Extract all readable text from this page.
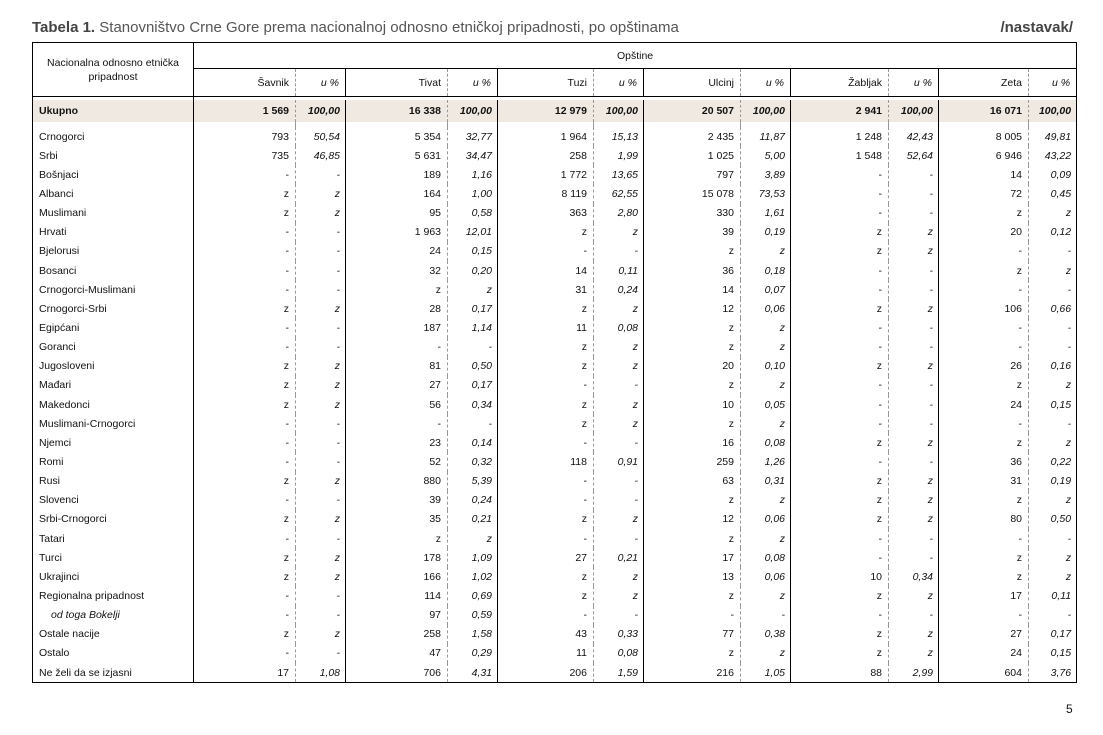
Tabela 1. Stanovništvo Crne Gore prema nacionalnoj odnosno etničkoj pripadnosti, po opštinama	/nastavak/
Nacionalna odnosno etnička pripadnost	Opštine											
	Šavnik	u %	Tivat	u %	Tuzi	u %	Ulcinj	u %	Žabljak	u %	Zeta	u %

Ukupno	1 569	100,00	16 338	100,00	12 979	100,00	20 507	100,00	2 941	100,00	16 071	100,00

Crnogorci	793	50,54	5 354	32,77	1 964	15,13	2 435	11,87	1 248	42,43	8 005	49,81
Srbi	735	46,85	5 631	34,47	258	1,99	1 025	5,00	1 548	52,64	6 946	43,22
Bošnjaci	-	-	189	1,16	1 772	13,65	797	3,89	-	-	14	0,09
Albanci	z	z	164	1,00	8 119	62,55	15 078	73,53	-	-	72	0,45
Muslimani	z	z	95	0,58	363	2,80	330	1,61	-	-	z	z
Hrvati	-	-	1 963	12,01	z	z	39	0,19	z	z	20	0,12
Bjelorusi	-	-	24	0,15	-	-	z	z	z	z	-	-
Bosanci	-	-	32	0,20	14	0,11	36	0,18	-	-	z	z
Crnogorci-Muslimani	-	-	z	z	31	0,24	14	0,07	-	-	-	-
Crnogorci-Srbi	z	z	28	0,17	z	z	12	0,06	z	z	106	0,66
Egipćani	-	-	187	1,14	11	0,08	z	z	-	-	-	-
Goranci	-	-	-	-	z	z	z	z	-	-	-	-
Jugosloveni	z	z	81	0,50	z	z	20	0,10	z	z	26	0,16
Mađari	z	z	27	0,17	-	-	z	z	-	-	z	z
Makedonci	z	z	56	0,34	z	z	10	0,05	-	-	24	0,15
Muslimani-Crnogorci	-	-	-	-	z	z	z	z	-	-	-	-
Njemci	-	-	23	0,14	-	-	16	0,08	z	z	z	z
Romi	-	-	52	0,32	118	0,91	259	1,26	-	-	36	0,22
Rusi	z	z	880	5,39	-	-	63	0,31	z	z	31	0,19
Slovenci	-	-	39	0,24	-	-	z	z	z	z	z	z
Srbi-Crnogorci	z	z	35	0,21	z	z	12	0,06	z	z	80	0,50
Tatari	-	-	z	z	-	-	z	z	-	-	-	-
Turci	z	z	178	1,09	27	0,21	17	0,08	-	-	z	z
Ukrajinci	z	z	166	1,02	z	z	13	0,06	10	0,34	z	z
Regionalna pripadnost	-	-	114	0,69	z	z	z	z	z	z	17	0,11
od toga Bokelji	-	-	97	0,59	-	-	-	-	-	-	-	-
Ostale nacije	z	z	258	1,58	43	0,33	77	0,38	z	z	27	0,17
Ostalo	-	-	47	0,29	11	0,08	z	z	z	z	24	0,15
Ne želi da se izjasni	17	1,08	706	4,31	206	1,59	216	1,05	88	2,99	604	3,76
5
